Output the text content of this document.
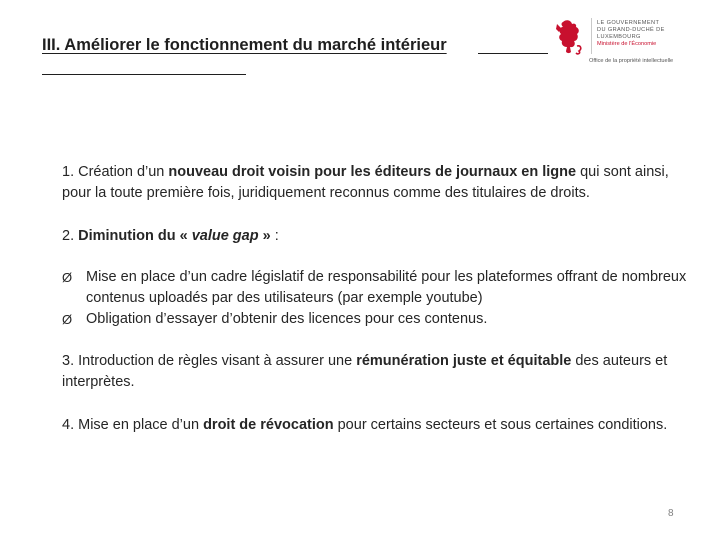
III. Améliorer le fonctionnement du marché intérieur
LE GOUVERNEMENT
DU GRAND-DUCHÉ DE LUXEMBOURG
Ministère de l'Économie
Office de la propriété intellectuelle

1. Création d’un nouveau droit voisin pour les éditeurs de journaux en ligne qui sont ainsi, pour la toute première fois, juridiquement reconnus comme des titulaires de droits.

2. Diminution du « value gap » :

Ø Mise en place d’un cadre législatif de responsabilité pour les plateformes offrant de nombreux contenus uploadés par des utilisateurs (par exemple youtube)
Ø Obligation d’essayer d’obtenir des licences pour ces contenus.

3. Introduction de règles visant à assurer une rémunération juste et équitable des auteurs et interprètes.

4. Mise en place d’un droit de révocation pour certains secteurs et sous certaines conditions.

8
